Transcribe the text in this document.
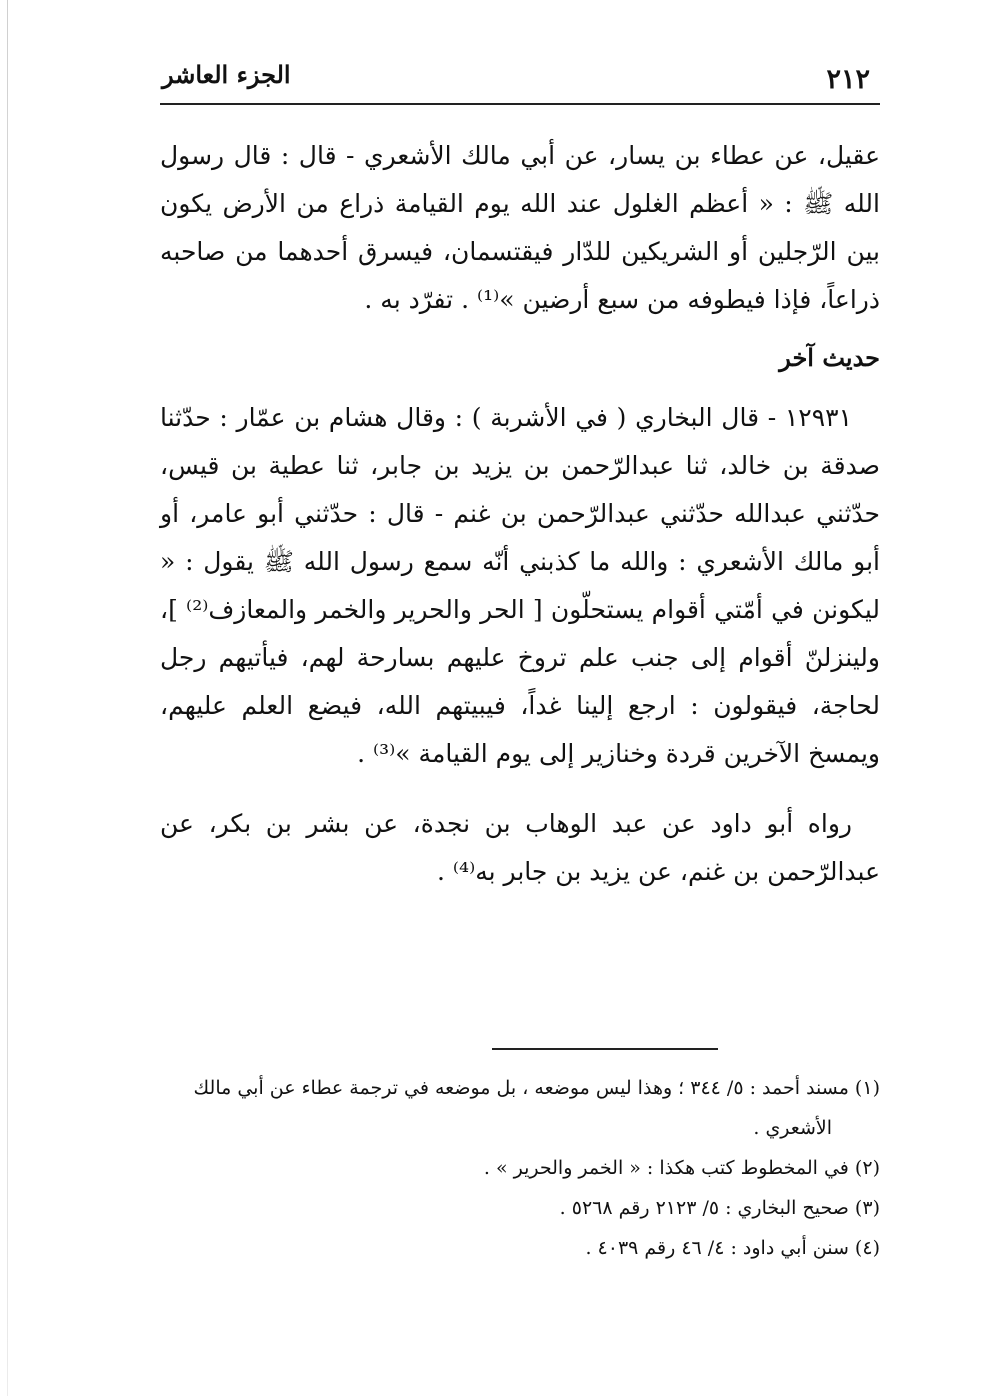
٢١٢
الجزء العاشر

عقيل، عن عطاء بن يسار، عن أبي مالك الأشعري - قال : قال رسول الله ﷺ : « أعظم الغلول عند الله يوم القيامة ذراع من الأرض يكون بين الرّجلين أو الشريكين للدّار فيقتسمان، فيسرق أحدهما من صاحبه ذراعاً، فإذا فيطوفه من سبع أرضين »⁽¹⁾ . تفرّد به .

حديث آخر

١٢٩٣١ - قال البخاري ( في الأشربة ) : وقال هشام بن عمّار : حدّثنا صدقة بن خالد، ثنا عبدالرّحمن بن يزيد بن جابر، ثنا عطية بن قيس، حدّثني عبدالله حدّثني عبدالرّحمن بن غنم - قال : حدّثني أبو عامر، أو أبو مالك الأشعري : والله ما كذبني أنّه سمع رسول الله ﷺ يقول : « ليكونن في أمّتي أقوام يستحلّون [ الحر والحرير والخمر والمعازف⁽²⁾ ]، ولينزلنّ أقوام إلى جنب علم تروخ عليهم بسارحة لهم، فيأتيهم رجل لحاجة، فيقولون : ارجع إلينا غداً، فيبيتهم الله، فيضع العلم عليهم، ويمسخ الآخرين قردة وخنازير إلى يوم القيامة »⁽³⁾ .

رواه أبو داود عن عبد الوهاب بن نجدة، عن بشر بن بكر، عن عبدالرّحمن بن غنم، عن يزيد بن جابر به⁽⁴⁾ .

(١) مسند أحمد : ٥/ ٣٤٤ ؛ وهذا ليس موضعه ، بل موضعه في ترجمة عطاء عن أبي مالك

الأشعري .

(٢) في المخطوط كتب هكذا : « الخمر والحرير » .

(٣) صحيح البخاري : ٥/ ٢١٢٣ رقم ٥٢٦٨ .

(٤) سنن أبي داود : ٤/ ٤٦ رقم ٤٠٣٩ .
